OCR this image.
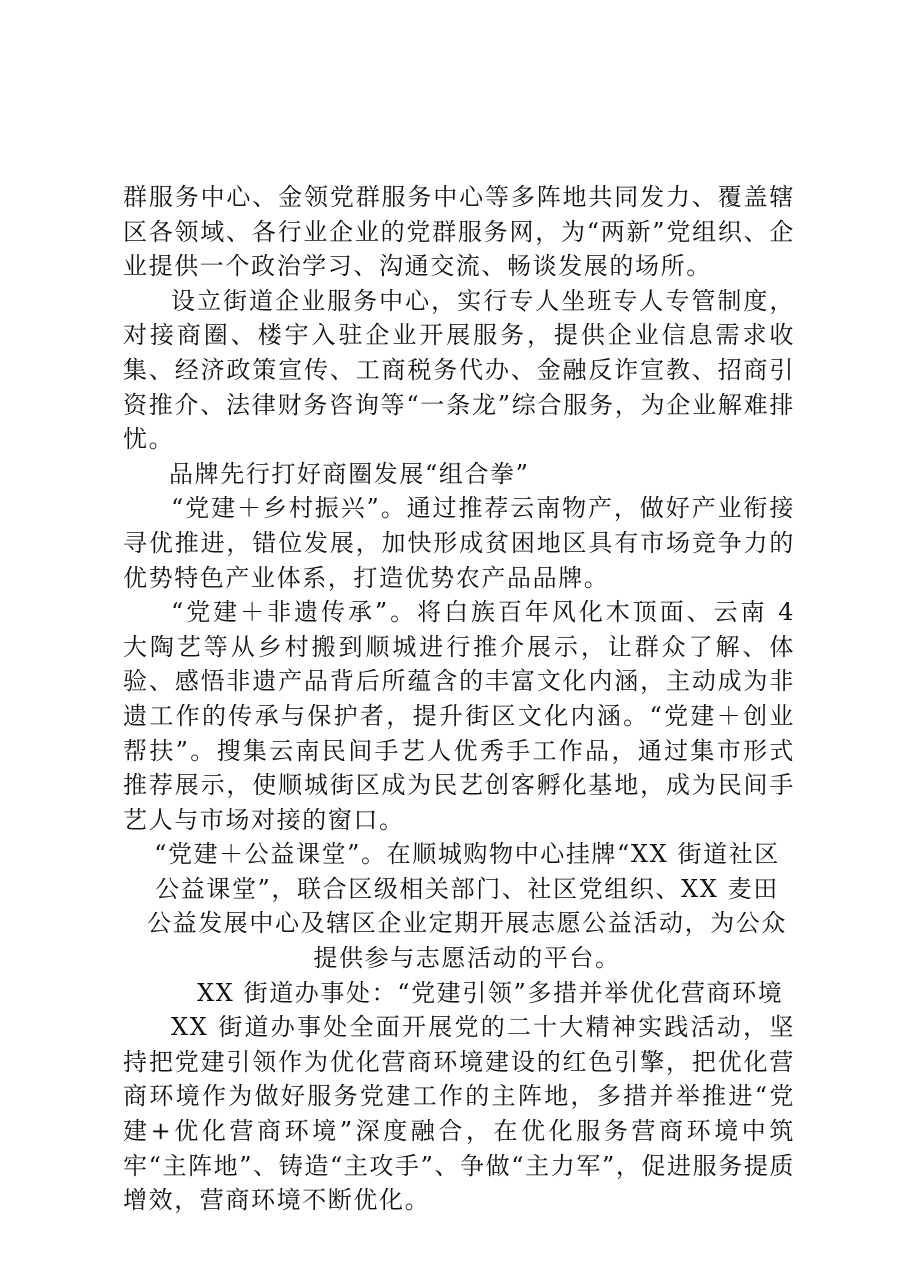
群服务中心、金领党群服务中心等多阵地共同发力、覆盖辖区各领域、各行业企业的党群服务网，为“两新”党组织、企业提供一个政治学习、沟通交流、畅谈发展的场所。

设立街道企业服务中心，实行专人坐班专人专管制度，对接商圈、楼宇入驻企业开展服务，提供企业信息需求收集、经济政策宣传、工商税务代办、金融反诈宣教、招商引资推介、法律财务咨询等“一条龙”综合服务，为企业解难排忧。

品牌先行打好商圈发展“组合拳”

“党建＋乡村振兴”。通过推荐云南物产，做好产业衔接寻优推进，错位发展，加快形成贫困地区具有市场竞争力的优势特色产业体系，打造优势农产品品牌。

“党建＋非遗传承”。将白族百年风化木顶面、云南 4 大陶艺等从乡村搬到顺城进行推介展示，让群众了解、体验、感悟非遗产品背后所蕴含的丰富文化内涵，主动成为非遗工作的传承与保护者，提升街区文化内涵。“党建＋创业帮扶”。搜集云南民间手艺人优秀手工作品，通过集市形式推荐展示，使顺城街区成为民艺创客孵化基地，成为民间手艺人与市场对接的窗口。

“党建＋公益课堂”。在顺城购物中心挂牌“XX 街道社区公益课堂”，联合区级相关部门、社区党组织、XX 麦田公益发展中心及辖区企业定期开展志愿公益活动，为公众提供参与志愿活动的平台。

XX 街道办事处：“党建引领”多措并举优化营商环境

XX 街道办事处全面开展党的二十大精神实践活动，坚持把党建引领作为优化营商环境建设的红色引擎，把优化营商环境作为做好服务党建工作的主阵地，多措并举推进“党建+优化营商环境”深度融合，在优化服务营商环境中筑牢“主阵地”、铸造“主攻手”、争做“主力军”，促进服务提质增效，营商环境不断优化。
